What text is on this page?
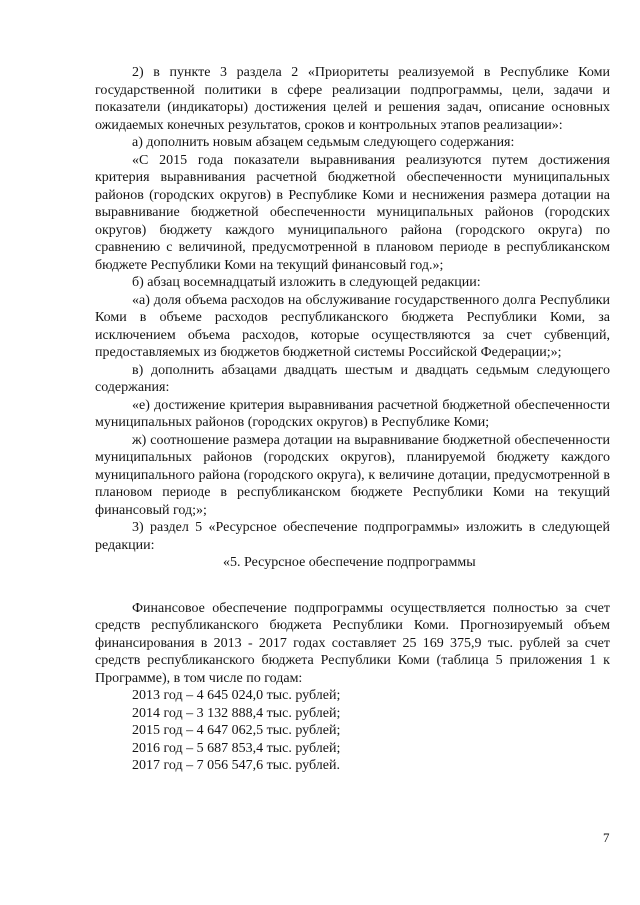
2) в пункте 3 раздела 2 «Приоритеты реализуемой в Республике Коми государственной политики в сфере реализации подпрограммы, цели, задачи и показатели (индикаторы) достижения целей и решения задач, описание основных ожидаемых конечных результатов, сроков и контрольных этапов реализации»:

а) дополнить новым абзацем седьмым следующего содержания:

«С 2015 года показатели выравнивания реализуются путем достижения критерия выравнивания расчетной бюджетной обеспеченности муниципальных районов (городских округов) в Республике Коми и неснижения размера дотации на выравнивание бюджетной обеспеченности муниципальных районов (городских округов) бюджету каждого муниципального района (городского округа) по сравнению с величиной, предусмотренной в плановом периоде в республиканском бюджете Республики Коми на текущий финансовый год.»;

б) абзац восемнадцатый изложить в следующей редакции:

«а) доля объема расходов на обслуживание государственного долга Республики Коми в объеме расходов республиканского бюджета Республики Коми, за исключением объема расходов, которые осуществляются за счет субвенций, предоставляемых из бюджетов бюджетной системы Российской Федерации;»;

в) дополнить абзацами двадцать шестым и двадцать седьмым следующего содержания:

«е) достижение критерия выравнивания расчетной бюджетной обеспеченности муниципальных районов (городских округов) в Республике Коми;

ж) соотношение размера дотации на выравнивание бюджетной обеспеченности муниципальных районов (городских округов), планируемой бюджету каждого муниципального района (городского округа), к величине дотации, предусмотренной в плановом периоде в республиканском бюджете Республики Коми на текущий финансовый год;»;

3) раздел 5 «Ресурсное обеспечение подпрограммы» изложить в следующей редакции:

«5. Ресурсное обеспечение подпрограммы

Финансовое обеспечение подпрограммы осуществляется полностью за счет средств республиканского бюджета Республики Коми. Прогнозируемый объем финансирования в 2013 - 2017 годах составляет 25 169 375,9 тыс. рублей за счет средств республиканского бюджета Республики Коми (таблица 5 приложения 1 к Программе), в том числе по годам:

2013 год – 4 645 024,0 тыс. рублей;

2014 год – 3 132 888,4 тыс. рублей;

2015 год – 4 647 062,5 тыс. рублей;

2016 год – 5 687 853,4 тыс. рублей;

2017 год – 7 056 547,6 тыс. рублей.

7
